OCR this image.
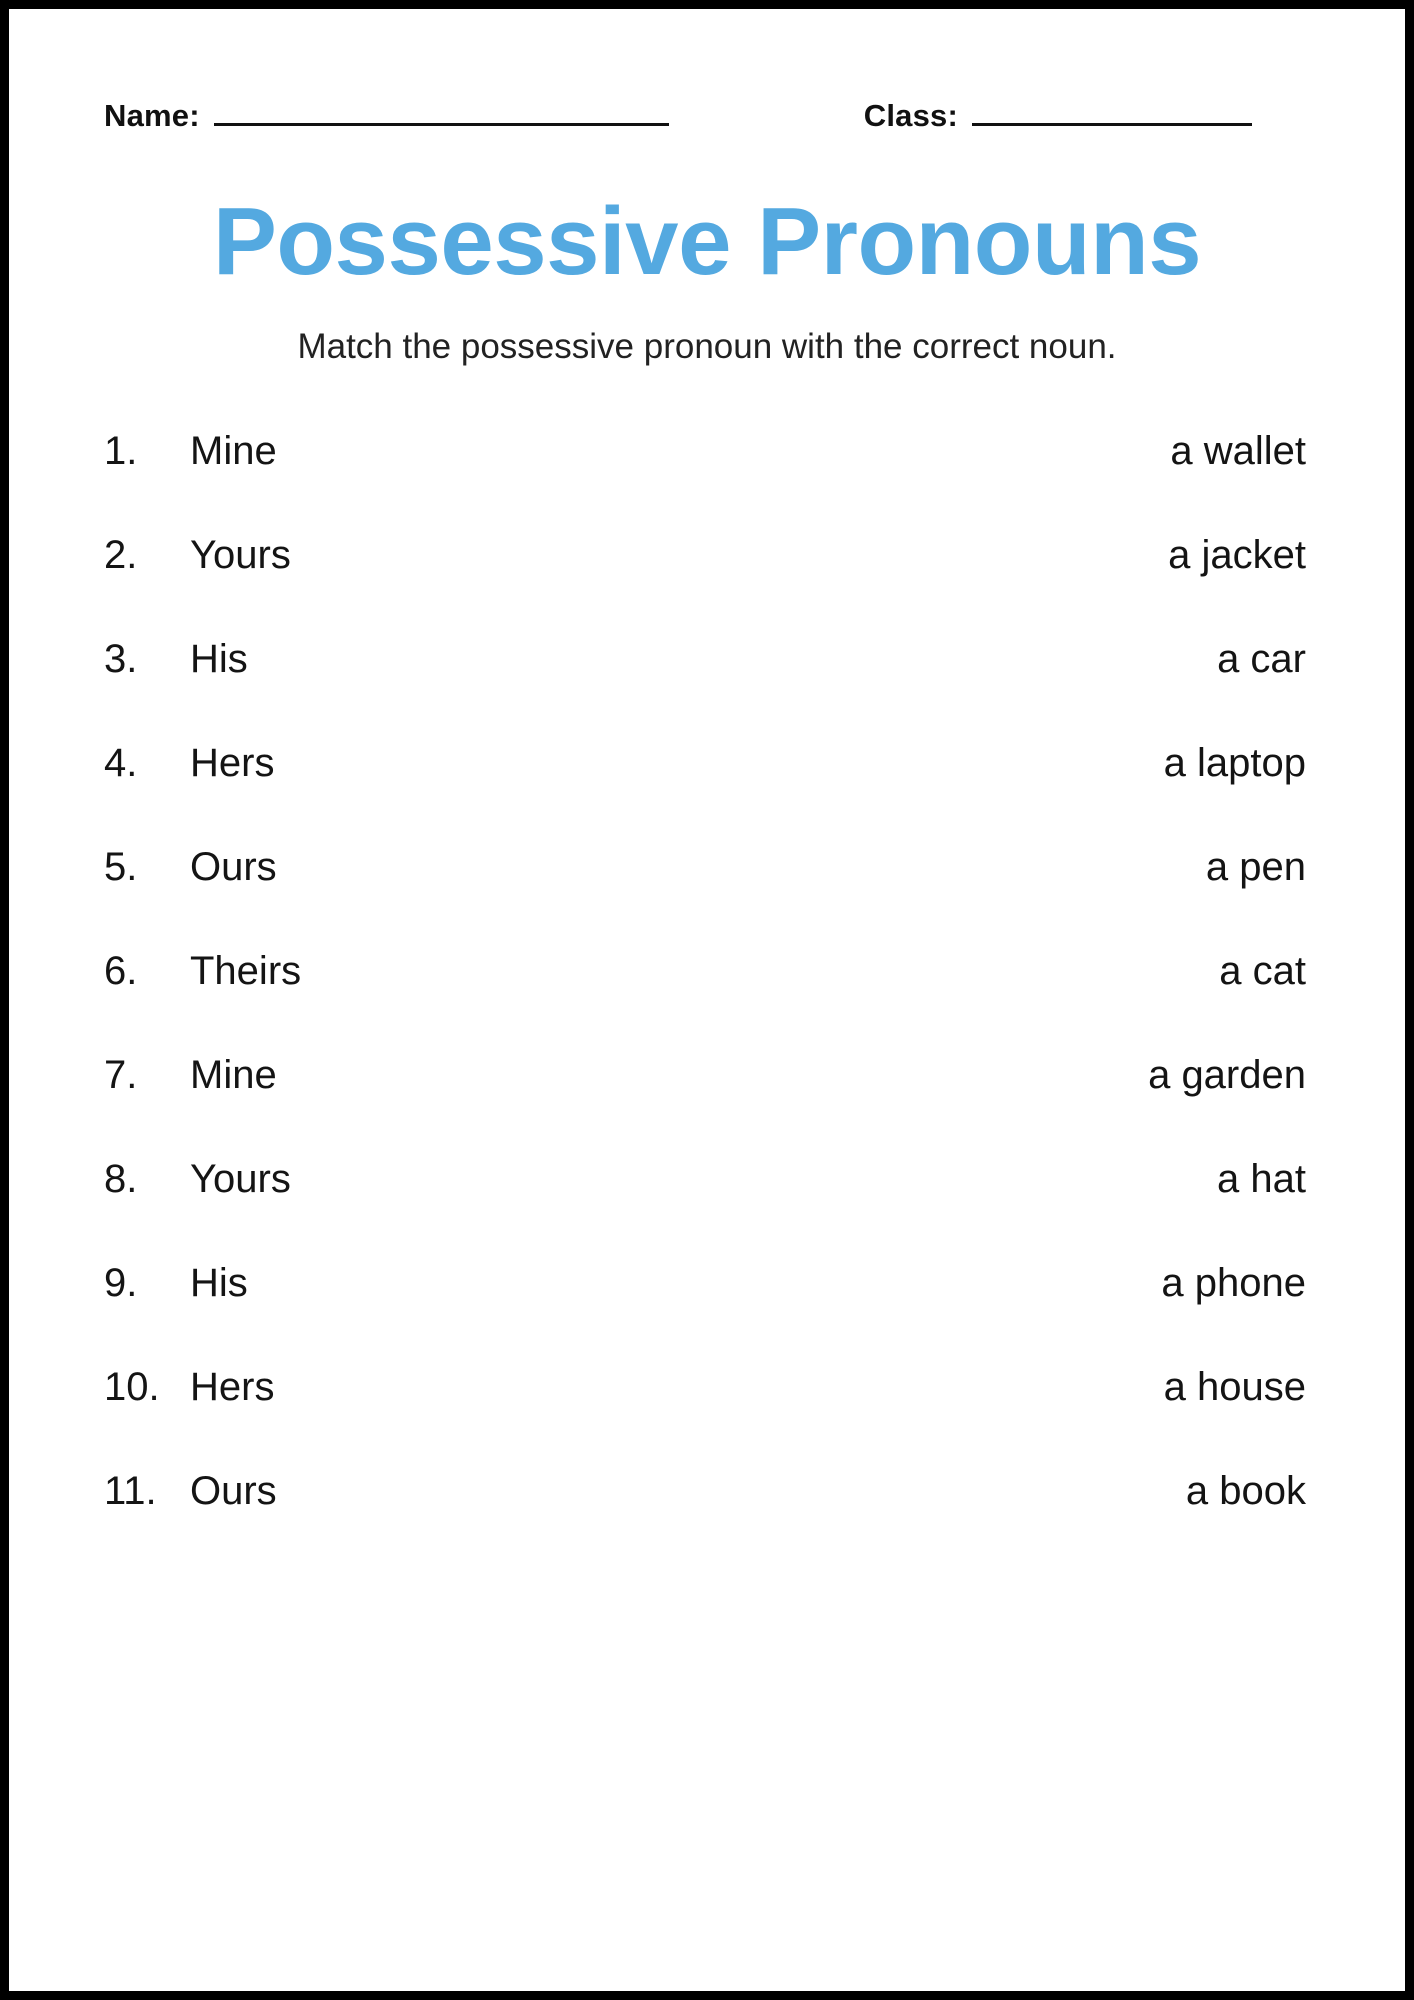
Name:	Class:
Possessive Pronouns
Match the possessive pronoun with the correct noun.
1.	Mine	a wallet
2.	Yours	a jacket
3.	His	a car
4.	Hers	a laptop
5.	Ours	a pen
6.	Theirs	a cat
7.	Mine	a garden
8.	Yours	a hat
9.	His	a phone
10. Hers	a house
11. Ours	a book
